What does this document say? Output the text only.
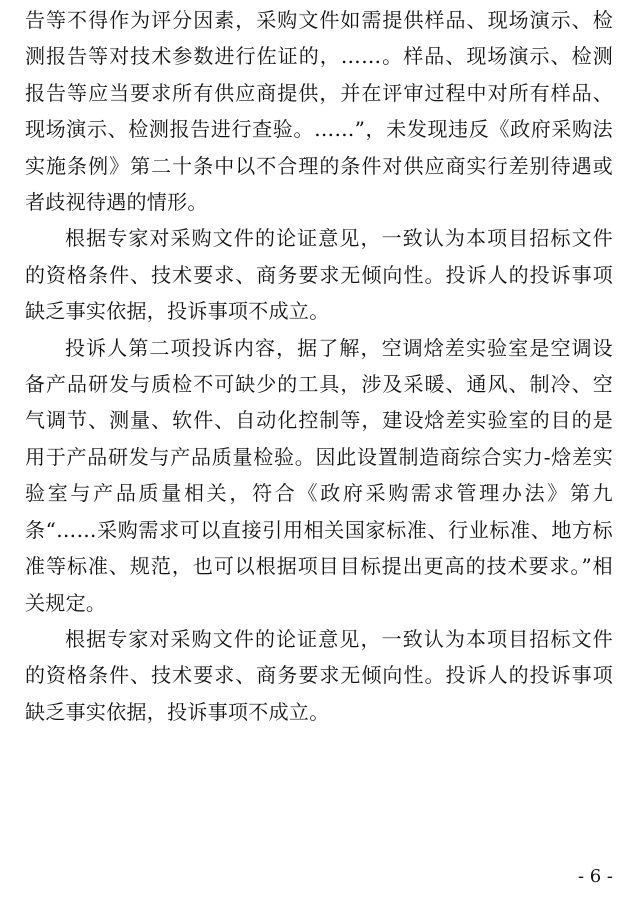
告等不得作为评分因素，采购文件如需提供样品、现场演示、检测报告等对技术参数进行佐证的，……。样品、现场演示、检测报告等应当要求所有供应商提供，并在评审过程中对所有样品、现场演示、检测报告进行查验。……”，未发现违反《政府采购法实施条例》第二十条中以不合理的条件对供应商实行差别待遇或者歧视待遇的情形。

根据专家对采购文件的论证意见，一致认为本项目招标文件的资格条件、技术要求、商务要求无倾向性。投诉人的投诉事项缺乏事实依据，投诉事项不成立。

投诉人第二项投诉内容，据了解，空调焓差实验室是空调设备产品研发与质检不可缺少的工具，涉及采暖、通风、制冷、空气调节、测量、软件、自动化控制等，建设焓差实验室的目的是用于产品研发与产品质量检验。因此设置制造商综合实力-焓差实验室与产品质量相关，符合《政府采购需求管理办法》第九条“……采购需求可以直接引用相关国家标准、行业标准、地方标准等标准、规范，也可以根据项目目标提出更高的技术要求。”相关规定。

根据专家对采购文件的论证意见，一致认为本项目招标文件的资格条件、技术要求、商务要求无倾向性。投诉人的投诉事项缺乏事实依据，投诉事项不成立。

- 6 -
